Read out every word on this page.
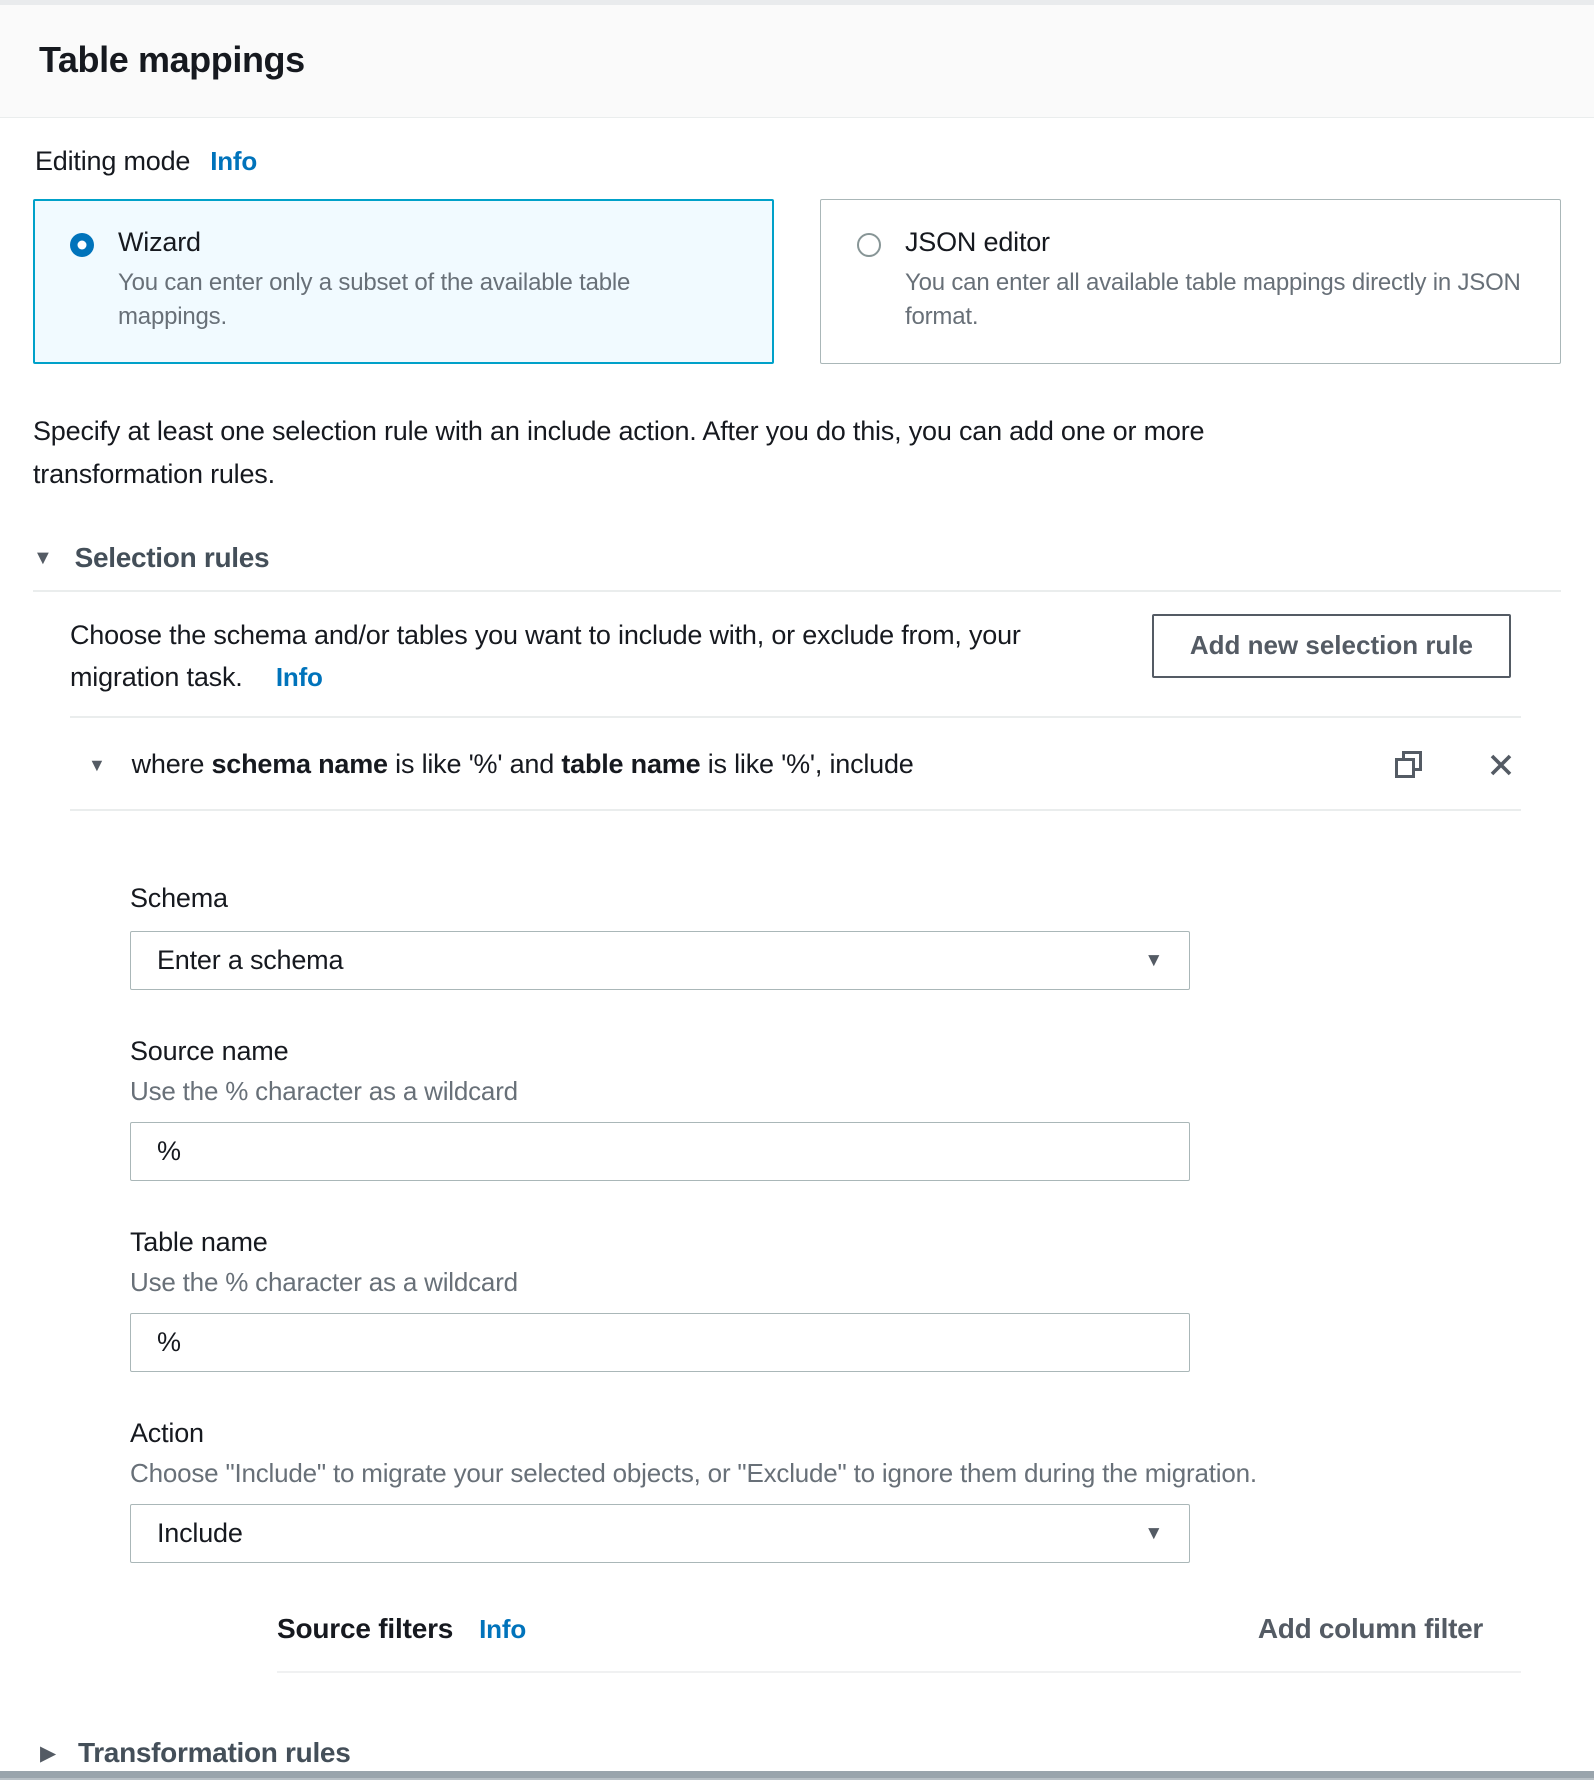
Table mappings
Editing mode Info
Wizard
You can enter only a subset of the available table mappings.
JSON editor
You can enter all available table mappings directly in JSON format.

Specify at least one selection rule with an include action. After you do this, you can add one or more transformation rules.

▼ Selection rules
Choose the schema and/or tables you want to include with, or exclude from, your migration task. Info
Add new selection rule
▼ where schema name is like '%' and table name is like '%', include
Schema
Enter a schema	▼
Source name
Use the % character as a wildcard
%
Table name
Use the % character as a wildcard
%
Action
Choose "Include" to migrate your selected objects, or "Exclude" to ignore them during the migration.
Include	▼
Source filters Info	Add column filter
▶ Transformation rules
